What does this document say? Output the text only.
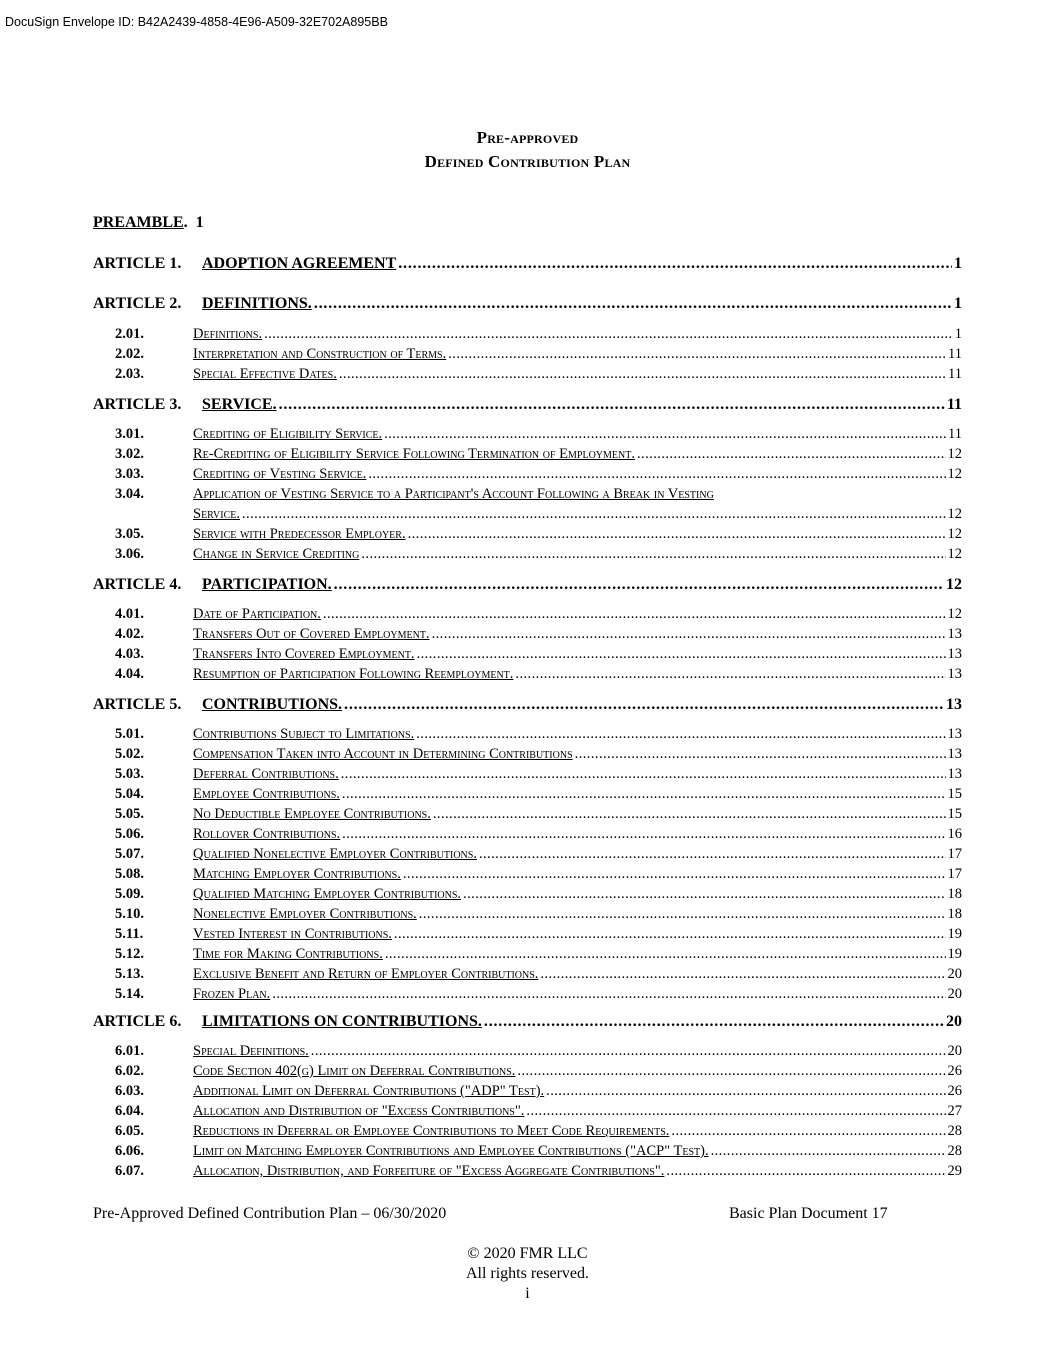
DocuSign Envelope ID: B42A2439-4858-4E96-A509-32E702A895BB
Pre-approved
Defined Contribution Plan
PREAMBLE.  1
ARTICLE 1.	ADOPTION AGREEMENT . . .	1
ARTICLE 2.	DEFINITIONS. . . .	1
2.01.	Definitions. . . .	1
2.02.	Interpretation and Construction of Terms. . . .	11
2.03.	Special Effective Dates. . . .	11
ARTICLE 3.	SERVICE. . . .	11
3.01.	Crediting of Eligibility Service. . . .	11
3.02.	Re-Crediting of Eligibility Service Following Termination of Employment. . . .	12
3.03.	Crediting of Vesting Service. . . .	12
3.04.	Application of Vesting Service to a Participant's Account Following a Break in Vesting
Service. . . .	12
3.05.	Service with Predecessor Employer. . . .	12
3.06.	Change in Service Crediting . . .	12
ARTICLE 4.	PARTICIPATION. . . .	12
4.01.	Date of Participation. . . .	12
4.02.	Transfers Out of Covered Employment. . . .	13
4.03.	Transfers Into Covered Employment. . . .	13
4.04.	Resumption of Participation Following Reemployment. . . .	13
ARTICLE 5.	CONTRIBUTIONS. . . .	13
5.01.	Contributions Subject to Limitations. . . .	13
5.02.	Compensation Taken into Account in Determining Contributions . . .	13
5.03.	Deferral Contributions. . . .	13
5.04.	Employee Contributions. . . .	15
5.05.	No Deductible Employee Contributions. . . .	15
5.06.	Rollover Contributions. . . .	16
5.07.	Qualified Nonelective Employer Contributions. . . .	17
5.08.	Matching Employer Contributions. . . .	17
5.09.	Qualified Matching Employer Contributions. . . .	18
5.10.	Nonelective Employer Contributions. . . .	18
5.11.	Vested Interest in Contributions. . . .	19
5.12.	Time for Making Contributions. . . .	19
5.13.	Exclusive Benefit and Return of Employer Contributions. . . .	20
5.14.	Frozen Plan. . . .	20
ARTICLE 6.	LIMITATIONS ON CONTRIBUTIONS. . . .	20
6.01.	Special Definitions. . . .	20
6.02.	Code Section 402(g) Limit on Deferral Contributions. . . .	26
6.03.	Additional Limit on Deferral Contributions ("ADP" Test). . . .	26
6.04.	Allocation and Distribution of "Excess Contributions". . . .	27
6.05.	Reductions in Deferral or Employee Contributions to Meet Code Requirements. . . .	28
6.06.	Limit on Matching Employer Contributions and Employee Contributions ("ACP" Test). . . .	28
6.07.	Allocation, Distribution, and Forfeiture of "Excess Aggregate Contributions". . . .	29
Pre-Approved Defined Contribution Plan – 06/30/2020	Basic Plan Document 17
© 2020 FMR LLC
All rights reserved.
i
